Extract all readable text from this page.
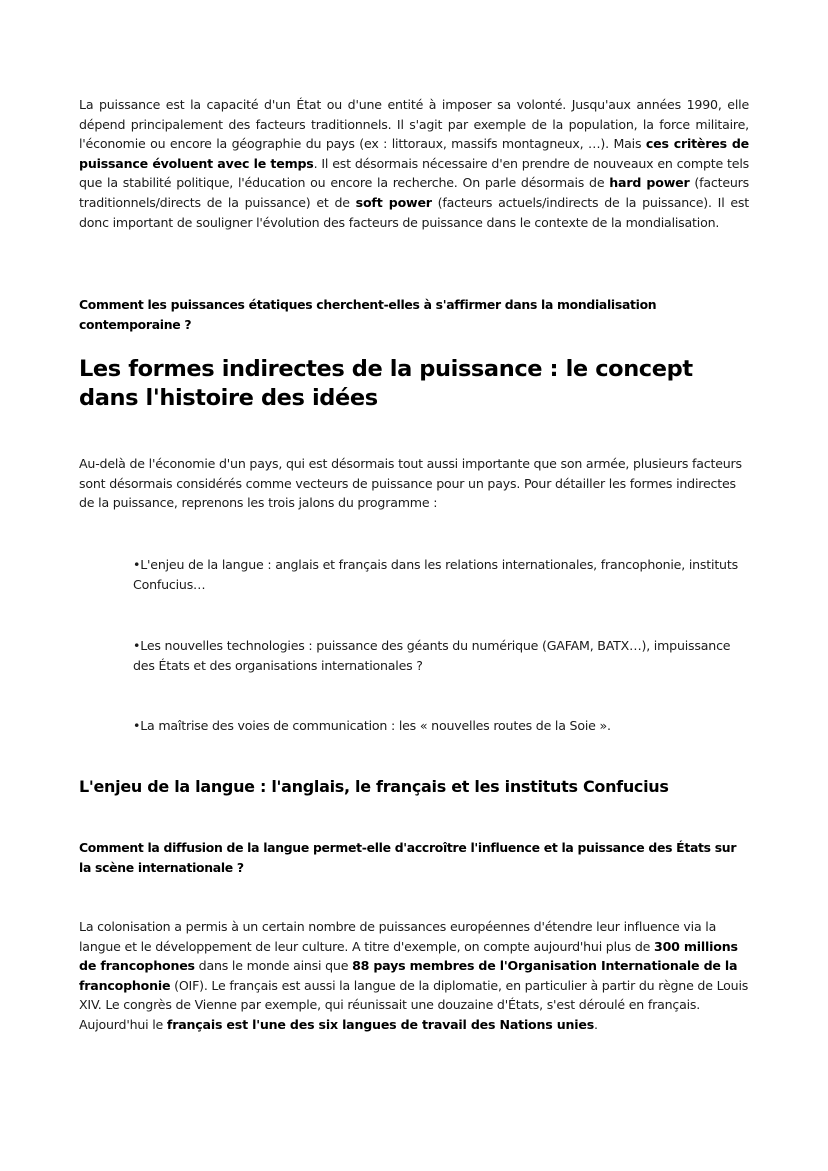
La puissance est la capacité d'un État ou d'une entité à imposer sa volonté. Jusqu'aux années 1990, elle dépend principalement des facteurs traditionnels. Il s'agit par exemple de la population, la force militaire, l'économie ou encore la géographie du pays (ex : littoraux, massifs montagneux, …). Mais ces critères de puissance évoluent avec le temps. Il est désormais nécessaire d'en prendre de nouveaux en compte tels que la stabilité politique, l'éducation ou encore la recherche. On parle désormais de hard power (facteurs traditionnels/directs de la puissance) et de soft power (facteurs actuels/indirects de la puissance). Il est donc important de souligner l'évolution des facteurs de puissance dans le contexte de la mondialisation.
Comment les puissances étatiques cherchent-elles à s'affirmer dans la mondialisation contemporaine ?
Les formes indirectes de la puissance : le concept dans l'histoire des idées
Au-delà de l'économie d'un pays, qui est désormais tout aussi importante que son armée, plusieurs facteurs sont désormais considérés comme vecteurs de puissance pour un pays. Pour détailler les formes indirectes de la puissance, reprenons les trois jalons du programme :
•L'enjeu de la langue : anglais et français dans les relations internationales, francophonie, instituts Confucius…
•Les nouvelles technologies : puissance des géants du numérique (GAFAM, BATX…), impuissance des États et des organisations internationales ?
•La maîtrise des voies de communication : les « nouvelles routes de la Soie ».
L'enjeu de la langue : l'anglais, le français et les instituts Confucius
Comment la diffusion de la langue permet-elle d'accroître l'influence et la puissance des États sur la scène internationale ?
La colonisation a permis à un certain nombre de puissances européennes d'étendre leur influence via la langue et le développement de leur culture. A titre d'exemple, on compte aujourd'hui plus de 300 millions de francophones dans le monde ainsi que 88 pays membres de l'Organisation Internationale de la francophonie (OIF). Le français est aussi la langue de la diplomatie, en particulier à partir du règne de Louis XIV. Le congrès de Vienne par exemple, qui réunissait une douzaine d'États, s'est déroulé en français. Aujourd'hui le français est l'une des six langues de travail des Nations unies.
